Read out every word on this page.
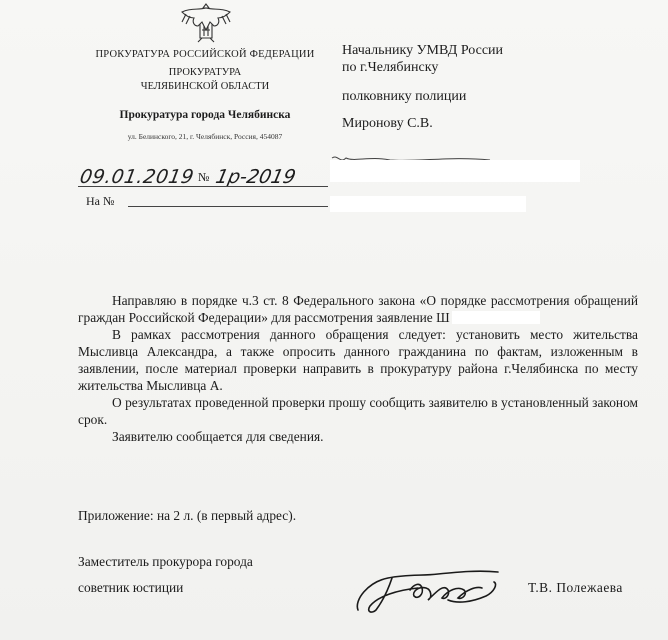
ПРОКУРАТУРА РОССИЙСКОЙ ФЕДЕРАЦИИ
ПРОКУРАТУРА
ЧЕЛЯБИНСКОЙ ОБЛАСТИ
Прокуратура города Челябинска
ул. Белинского, 21, г. Челябинск, Россия, 454087
Начальнику УМВД России
по г.Челябинску
полковнику полиции
Миронову С.В.
09.01.2019 № 1р-2019
На №

Направляю в порядке ч.3 ст. 8 Федерального закона «О порядке рассмотрения обращений граждан Российской Федерации» для рассмотрения заявление Ш

В рамках рассмотрения данного обращения следует: установить место жительства Мысливца Александра, а также опросить данного гражданина по фактам, изложенным в заявлении, после материал проверки направить в прокуратуру района г.Челябинска по месту жительства Мысливца А.

О результатах проведенной проверки прошу сообщить заявителю в установленный законом срок.

Заявителю сообщается для сведения.

Приложение: на 2 л. (в первый адрес).
Заместитель прокурора города
советник юстиции	Т.В. Полежаева
